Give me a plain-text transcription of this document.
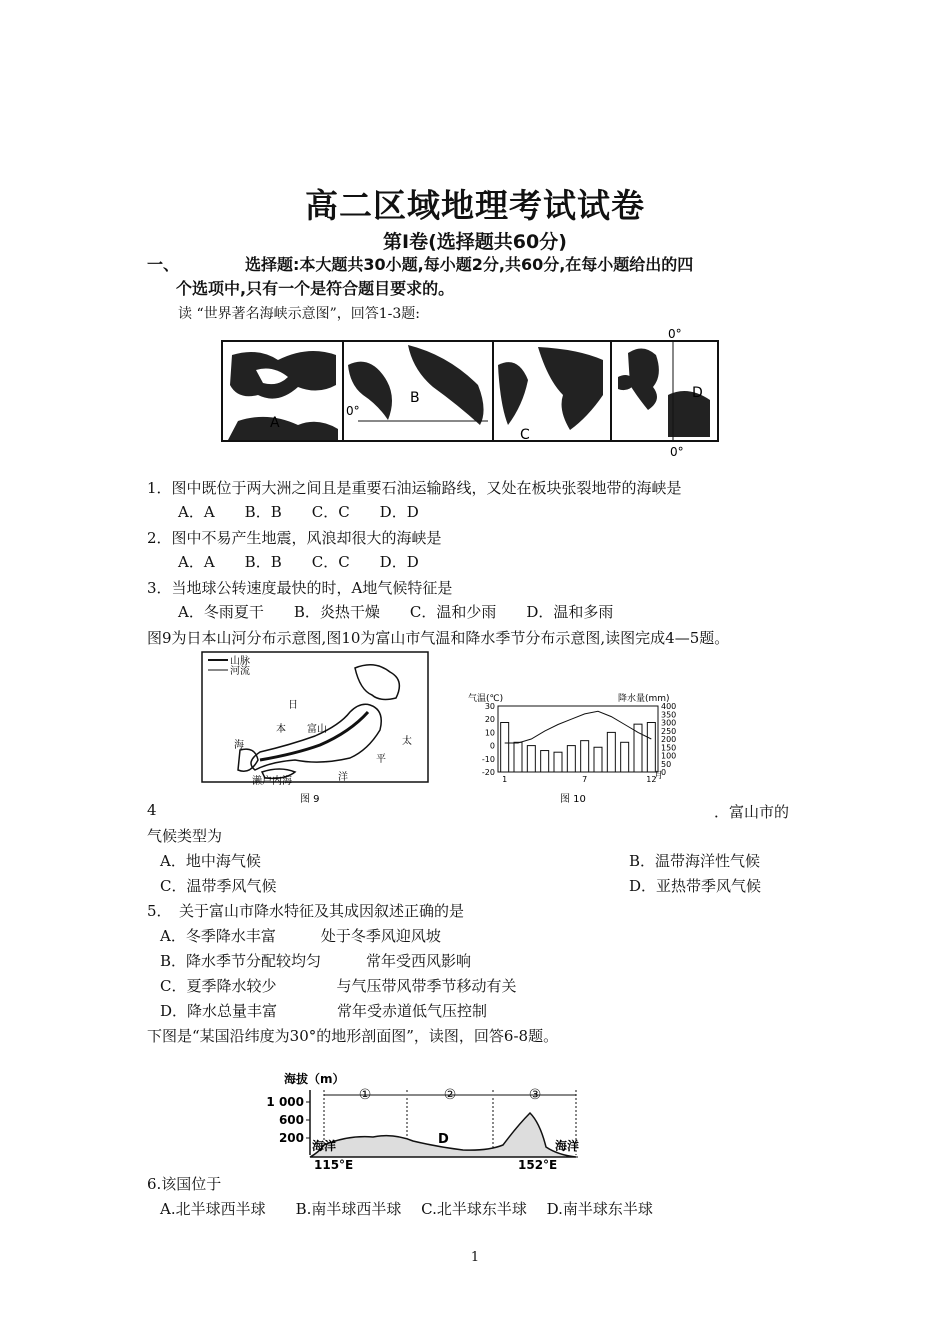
高二区域地理考试试卷
第Ⅰ卷(选择题共60分)
一、	选择题:本大题共30小题,每小题2分,共60分,在每小题给出的四
个选项中,只有一个是符合题目要求的。
读 “世界著名海峡示意图”，回答1-3题:
A
B
C
D
0°
0°
0°
1．图中既位于两大洲之间且是重要石油运输路线，又处在板块张裂地带的海峡是
A．A　　B．B　　C．C　　D．D
2．图中不易产生地震，风浪却很大的海峡是
A．A　　B．B　　C．C　　D．D
3．当地球公转速度最快的时，A地气候特征是
A．冬雨夏干　　B．炎热干燥　　C．温和少雨　　D．温和多雨
图9为日本山河分布示意图,图10为富山市气温和降水季节分布示意图,读图完成4—5题。
山脉
河流
日
本
海
富山
太
平
洋
濑户内海
图 9
30
20
10
0
-10
-20
400
350
300
250
200
150
100
50
0
1	7	12
气温(℃)	降水量(mm)
月
图 10
4	．富山市的
气候类型为
A．地中海气候	B．温带海洋性气候
C．温带季风气候	D．亚热带季风气候
5．　关于富山市降水特征及其成因叙述正确的是
A．冬季降水丰富　　　处于冬季风迎风坡
B．降水季节分配较均匀　　　常年受西风影响
C．夏季降水较少　　　　与气压带风带季节移动有关
D．降水总量丰富　　　　常年受赤道低气压控制
下图是“某国沿纬度为30°的地形剖面图”，读图，回答6-8题。
海拔（m）
1 000
600
200
①	②	③
海洋	海洋
D
115°E	152°E
6.该国位于
A.北半球西半球　　B.南半球西半球　 C.北半球东半球　 D.南半球东半球
1
